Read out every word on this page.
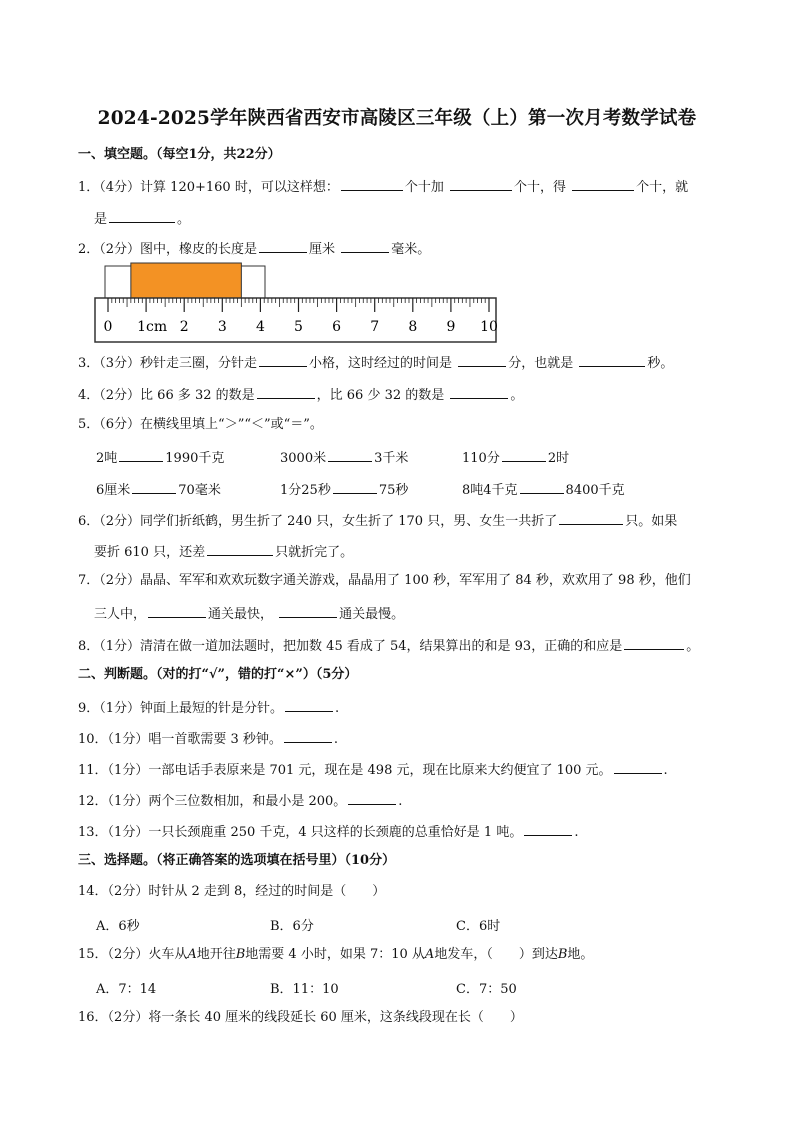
2024-2025学年陕西省西安市高陵区三年级（上）第一次月考数学试卷
一、填空题。（每空1分，共22分）
1．（4分）计算 120+160 时，可以这样想：	个十加	个十，得	个十，就
是	。
2．（2分）图中，橡皮的长度是	厘米	毫米。
0 1cm 2 3 4 5 6 7 8 9 10
3．（3分）秒针走三圈，分针走	小格，这时经过的时间是	分，也就是	秒。
4．（2分）比 66 多 32 的数是	，比 66 少 32 的数是	。
5．（6分）在横线里填上“＞”“＜”或“＝”。
2吨	1990千克	3000米	3千米	110分	2时
6厘米	70毫米	1分25秒	75秒	8吨4千克	8400千克
6．（2分）同学们折纸鹤，男生折了 240 只，女生折了 170 只，男、女生一共折了	只。如果
要折 610 只，还差	只就折完了。
7．（2分）晶晶、军军和欢欢玩数字通关游戏，晶晶用了 100 秒，军军用了 84 秒，欢欢用了 98 秒，他们
三人中，	通关最快，	通关最慢。
8．（1分）清清在做一道加法题时，把加数 45 看成了 54，结果算出的和是 93，正确的和应是	。
二、判断题。（对的打“√”，错的打“×”）（5分）
9．（1分）钟面上最短的针是分针。	.
10．（1分）唱一首歌需要 3 秒钟。	.
11．（1分）一部电话手表原来是 701 元，现在是 498 元，现在比原来大约便宜了 100 元。	.
12．（1分）两个三位数相加，和最小是 200。	.
13．（1分）一只长颈鹿重 250 千克，4 只这样的长颈鹿的总重恰好是 1 吨。	.
三、选择题。（将正确答案的选项填在括号里）（10分）
14．（2分）时针从 2 走到 8，经过的时间是（　　）
A．6秒	B．6分	C．6时
15．（2分）火车从A地开往B地需要 4 小时，如果 7：10 从A地发车，（　　）到达B地。
A．7：14	B．11：10	C．7：50
16．（2分）将一条长 40 厘米的线段延长 60 厘米，这条线段现在长（　　）
